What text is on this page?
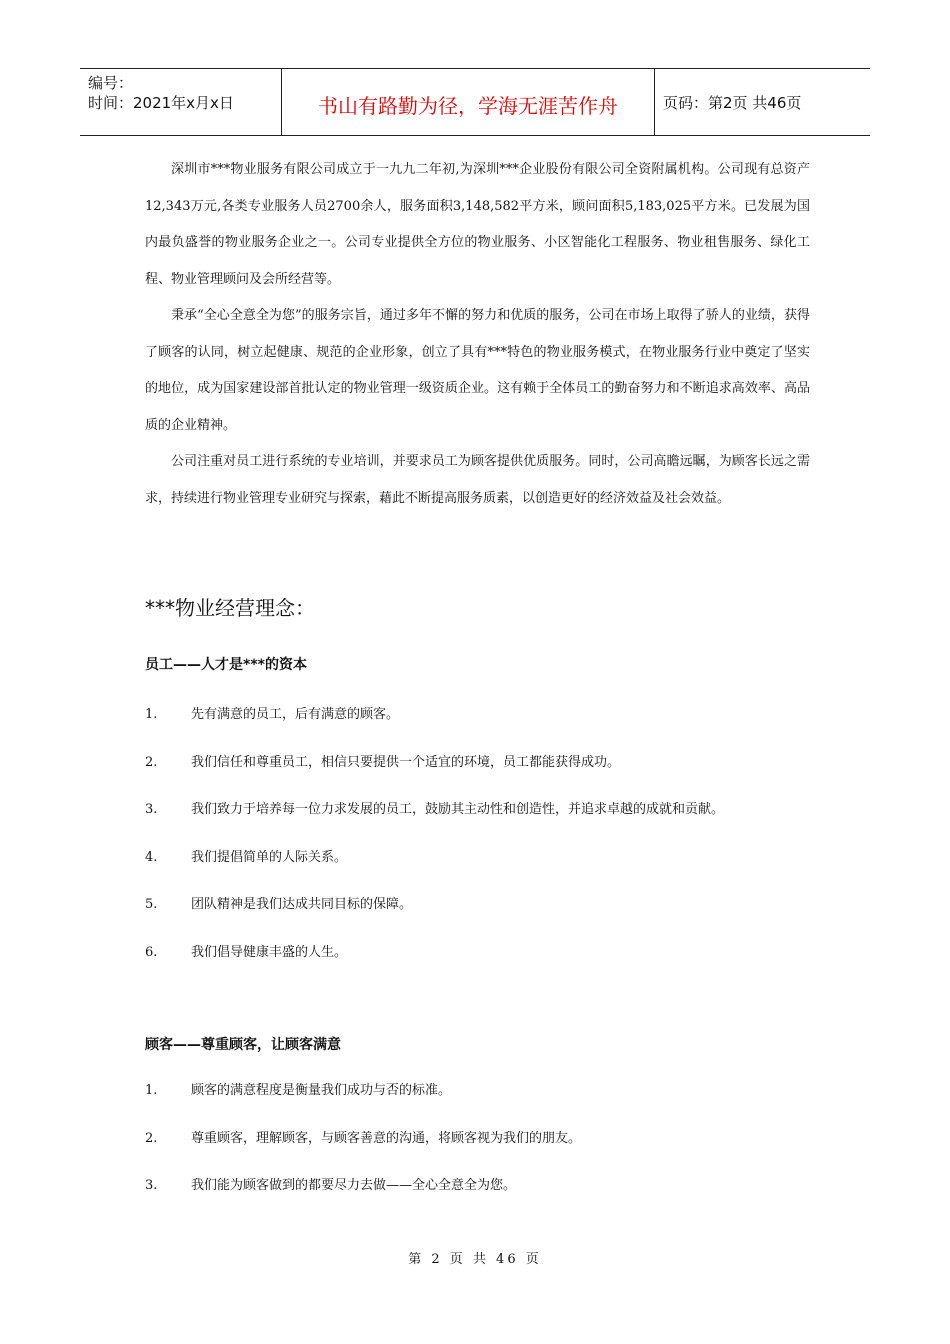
编号：
时间：2021年x月x日	书山有路勤为径，学海无涯苦作舟	页码：第2页 共46页

深圳市***物业服务有限公司成立于一九九二年初,为深圳***企业股份有限公司全资附属机构。公司现有总资产12,343万元,各类专业服务人员2700余人，服务面积3,148,582平方米，顾问面积5,183,025平方米。已发展为国内最负盛誉的物业服务企业之一。公司专业提供全方位的物业服务、小区智能化工程服务、物业租售服务、绿化工程、物业管理顾问及会所经营等。

秉承“全心全意全为您”的服务宗旨，通过多年不懈的努力和优质的服务，公司在市场上取得了骄人的业绩，获得了顾客的认同，树立起健康、规范的企业形象，创立了具有***特色的物业服务模式，在物业服务行业中奠定了坚实的地位，成为国家建设部首批认定的物业管理一级资质企业。这有赖于全体员工的勤奋努力和不断追求高效率、高品质的企业精神。

公司注重对员工进行系统的专业培训，并要求员工为顾客提供优质服务。同时，公司高瞻远瞩，为顾客长远之需求，持续进行物业管理专业研究与探索，藉此不断提高服务质素，以创造更好的经济效益及社会效益。

***物业经营理念：
员工——人才是***的资本
1.	先有满意的员工，后有满意的顾客。
2.	我们信任和尊重员工，相信只要提供一个适宜的环境，员工都能获得成功。
3.	我们致力于培养每一位力求发展的员工，鼓励其主动性和创造性，并追求卓越的成就和贡献。
4.	我们提倡简单的人际关系。
5.	团队精神是我们达成共同目标的保障。
6.	我们倡导健康丰盛的人生。
顾客——尊重顾客，让顾客满意
1.	顾客的满意程度是衡量我们成功与否的标准。
2.	尊重顾客，理解顾客，与顾客善意的沟通，将顾客视为我们的朋友。
3.	我们能为顾客做到的都要尽力去做——全心全意全为您。
第 2 页 共 46 页
